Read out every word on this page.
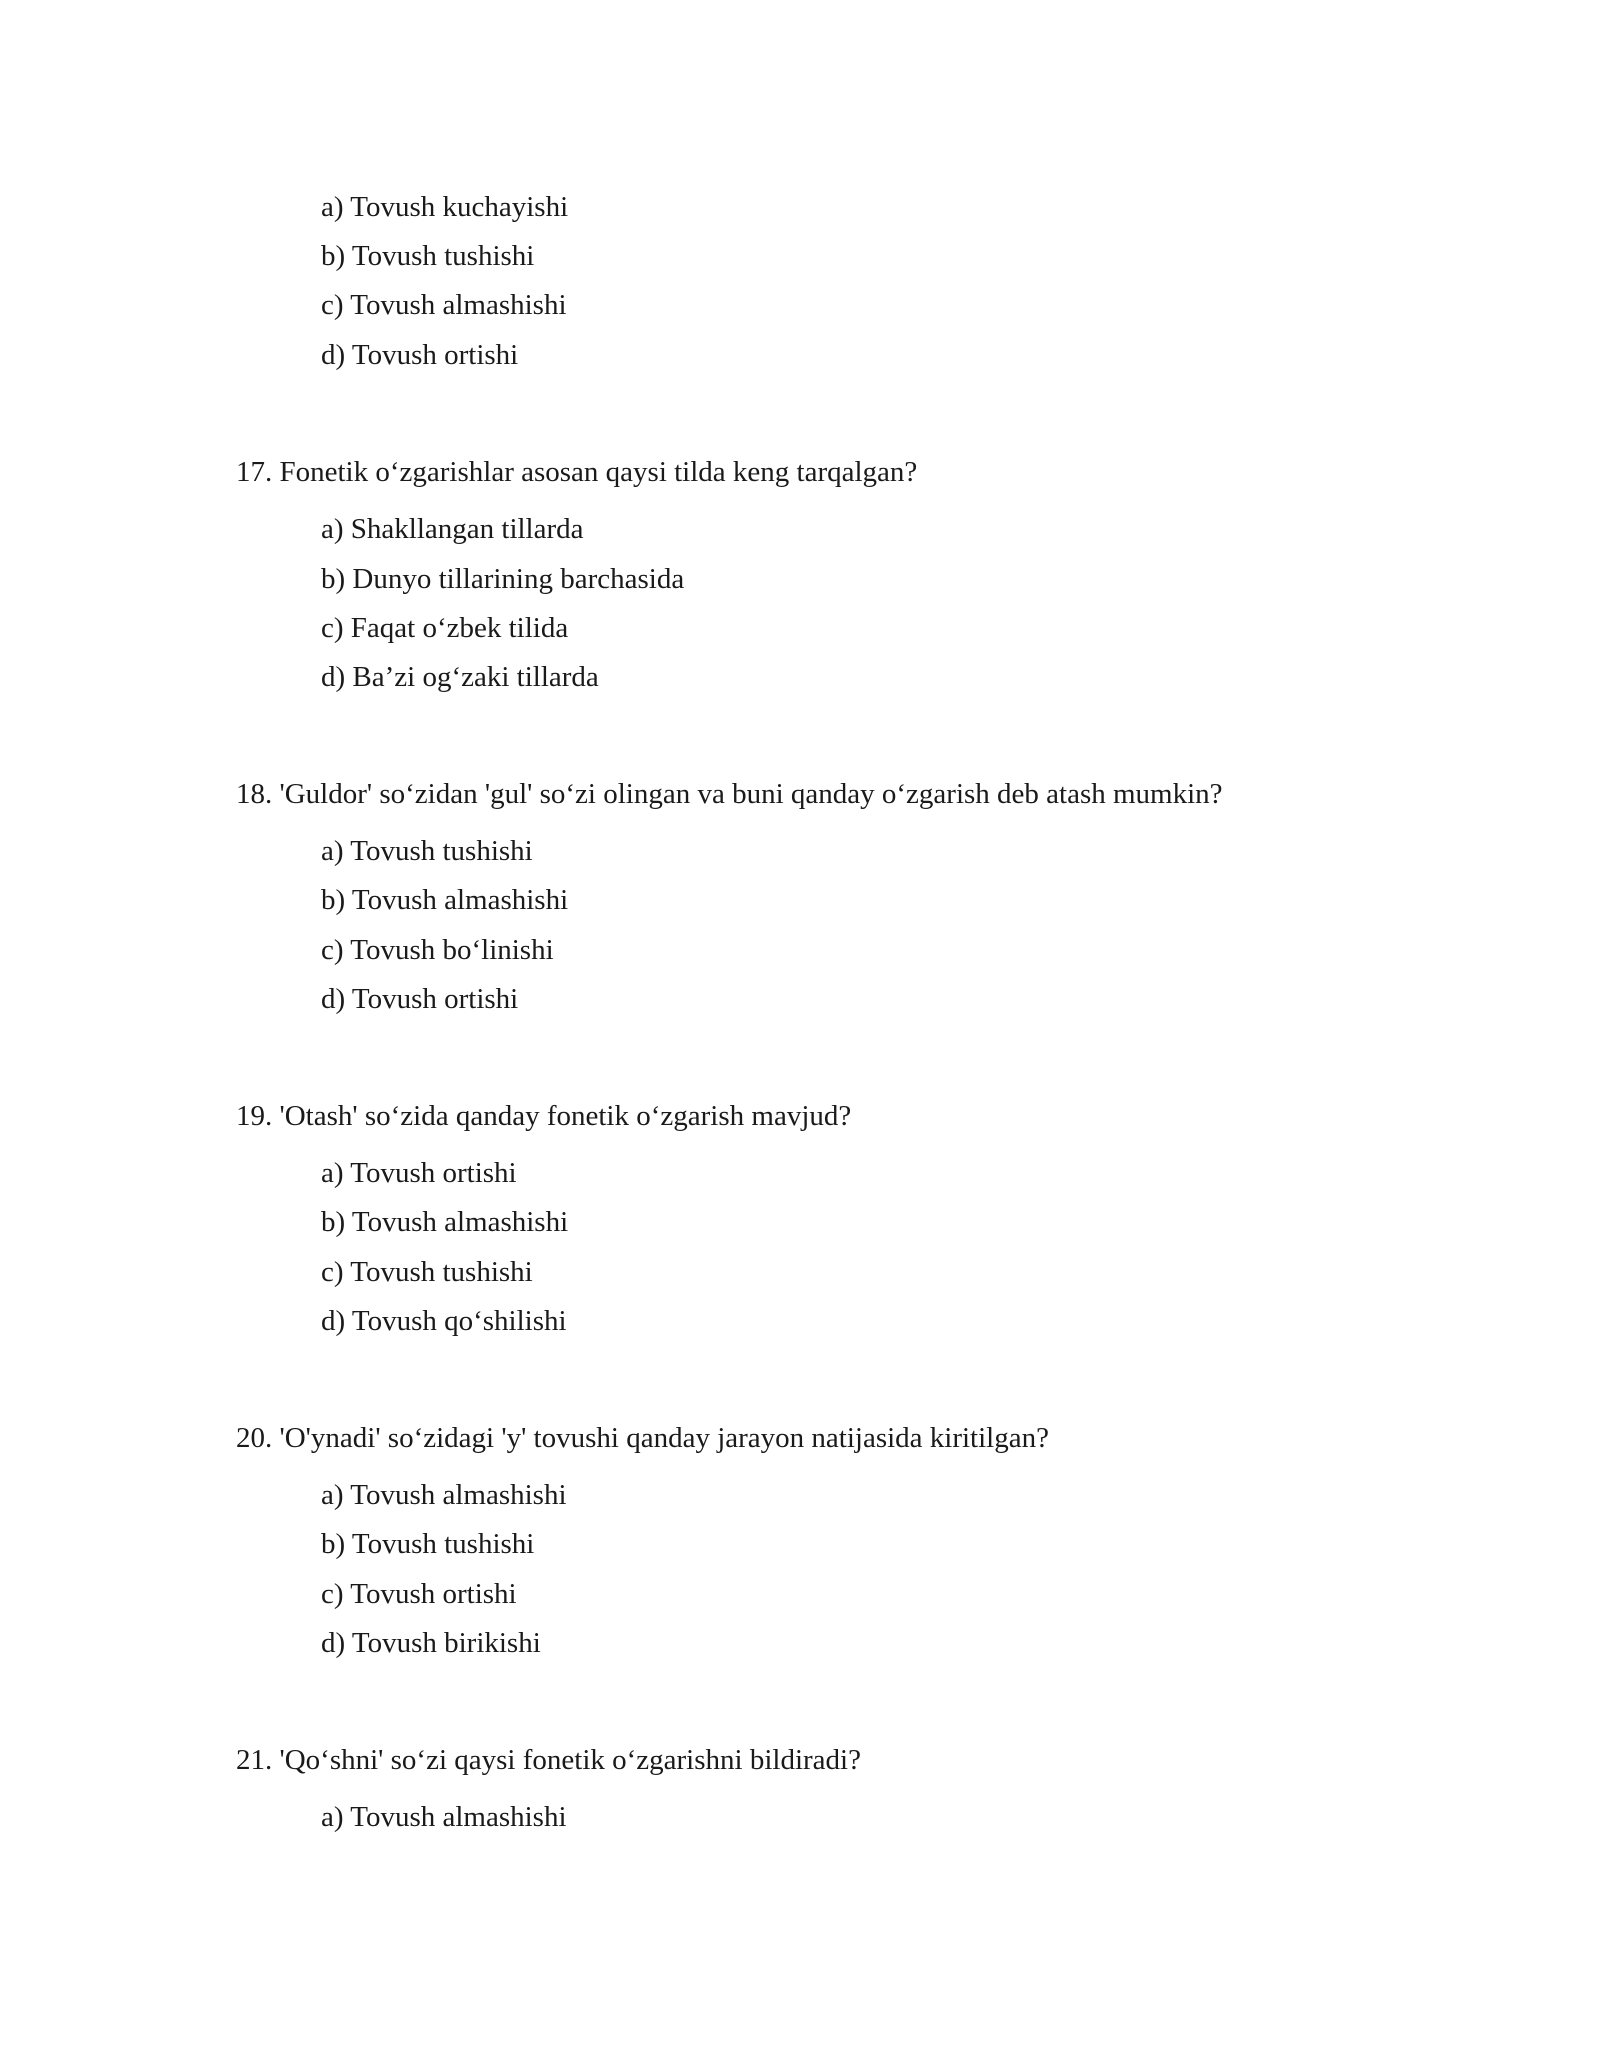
a) Tovush kuchayishi
b) Tovush tushishi
c) Tovush almashishi
d) Tovush ortishi
17. Fonetik o‘zgarishlar asosan qaysi tilda keng tarqalgan?
a) Shakllangan tillarda
b) Dunyo tillarining barchasida
c) Faqat o‘zbek tilida
d) Ba’zi og‘zaki tillarda
18. 'Guldor' so‘zidan 'gul' so‘zi olingan va buni qanday o‘zgarish deb atash mumkin?
a) Tovush tushishi
b) Tovush almashishi
c) Tovush bo‘linishi
d) Tovush ortishi
19. 'Otash' so‘zida qanday fonetik o‘zgarish mavjud?
a) Tovush ortishi
b) Tovush almashishi
c) Tovush tushishi
d) Tovush qo‘shilishi
20. 'O'ynadi' so‘zidagi 'y' tovushi qanday jarayon natijasida kiritilgan?
a) Tovush almashishi
b) Tovush tushishi
c) Tovush ortishi
d) Tovush birikishi
21. 'Qo‘shni' so‘zi qaysi fonetik o‘zgarishni bildiradi?
a) Tovush almashishi
